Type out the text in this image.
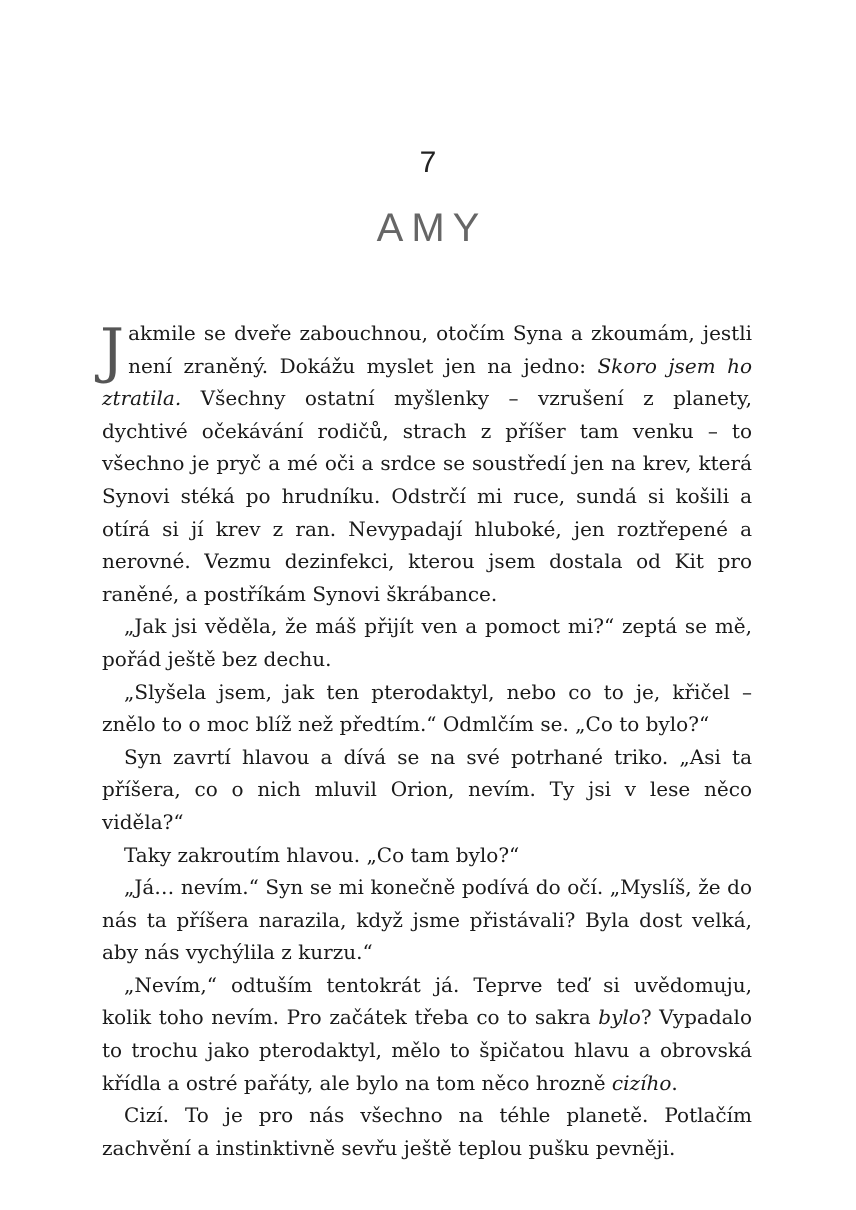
7
AMY

Jakmile se dveře zabouchnou, otočím Syna a zkoumám, jestli není zraněný. Dokážu myslet jen na jedno: Skoro jsem ho ztratila. Všechny ostatní myšlenky – vzrušení z planety, dychtivé očekávání rodičů, strach z příšer tam venku – to všechno je pryč a mé oči a srdce se soustředí jen na krev, která Synovi stéká po hrudníku. Odstrčí mi ruce, sundá si košili a otírá si jí krev z ran. Nevypadají hluboké, jen roztřepené a nerovné. Vezmu dezinfekci, kterou jsem dostala od Kit pro raněné, a postříkám Synovi škrábance.

„Jak jsi věděla, že máš přijít ven a pomoct mi?“ zeptá se mě, pořád ještě bez dechu.

„Slyšela jsem, jak ten pterodaktyl, nebo co to je, křičel – znělo to o moc blíž než předtím.“ Odmlčím se. „Co to bylo?“

Syn zavrtí hlavou a dívá se na své potrhané triko. „Asi ta příšera, co o nich mluvil Orion, nevím. Ty jsi v lese něco viděla?“

Taky zakroutím hlavou. „Co tam bylo?“

„Já… nevím.“ Syn se mi konečně podívá do očí. „Myslíš, že do nás ta příšera narazila, když jsme přistávali? Byla dost velká, aby nás vychýlila z kurzu.“

„Nevím,“ odtuším tentokrát já. Teprve teď si uvědomuju, kolik toho nevím. Pro začátek třeba co to sakra bylo? Vypadalo to trochu jako pterodaktyl, mělo to špičatou hlavu a obrovská křídla a ostré pařáty, ale bylo na tom něco hrozně cizího.

Cizí. To je pro nás všechno na téhle planetě. Potlačím zachvění a instinktivně sevřu ještě teplou pušku pevněji.
